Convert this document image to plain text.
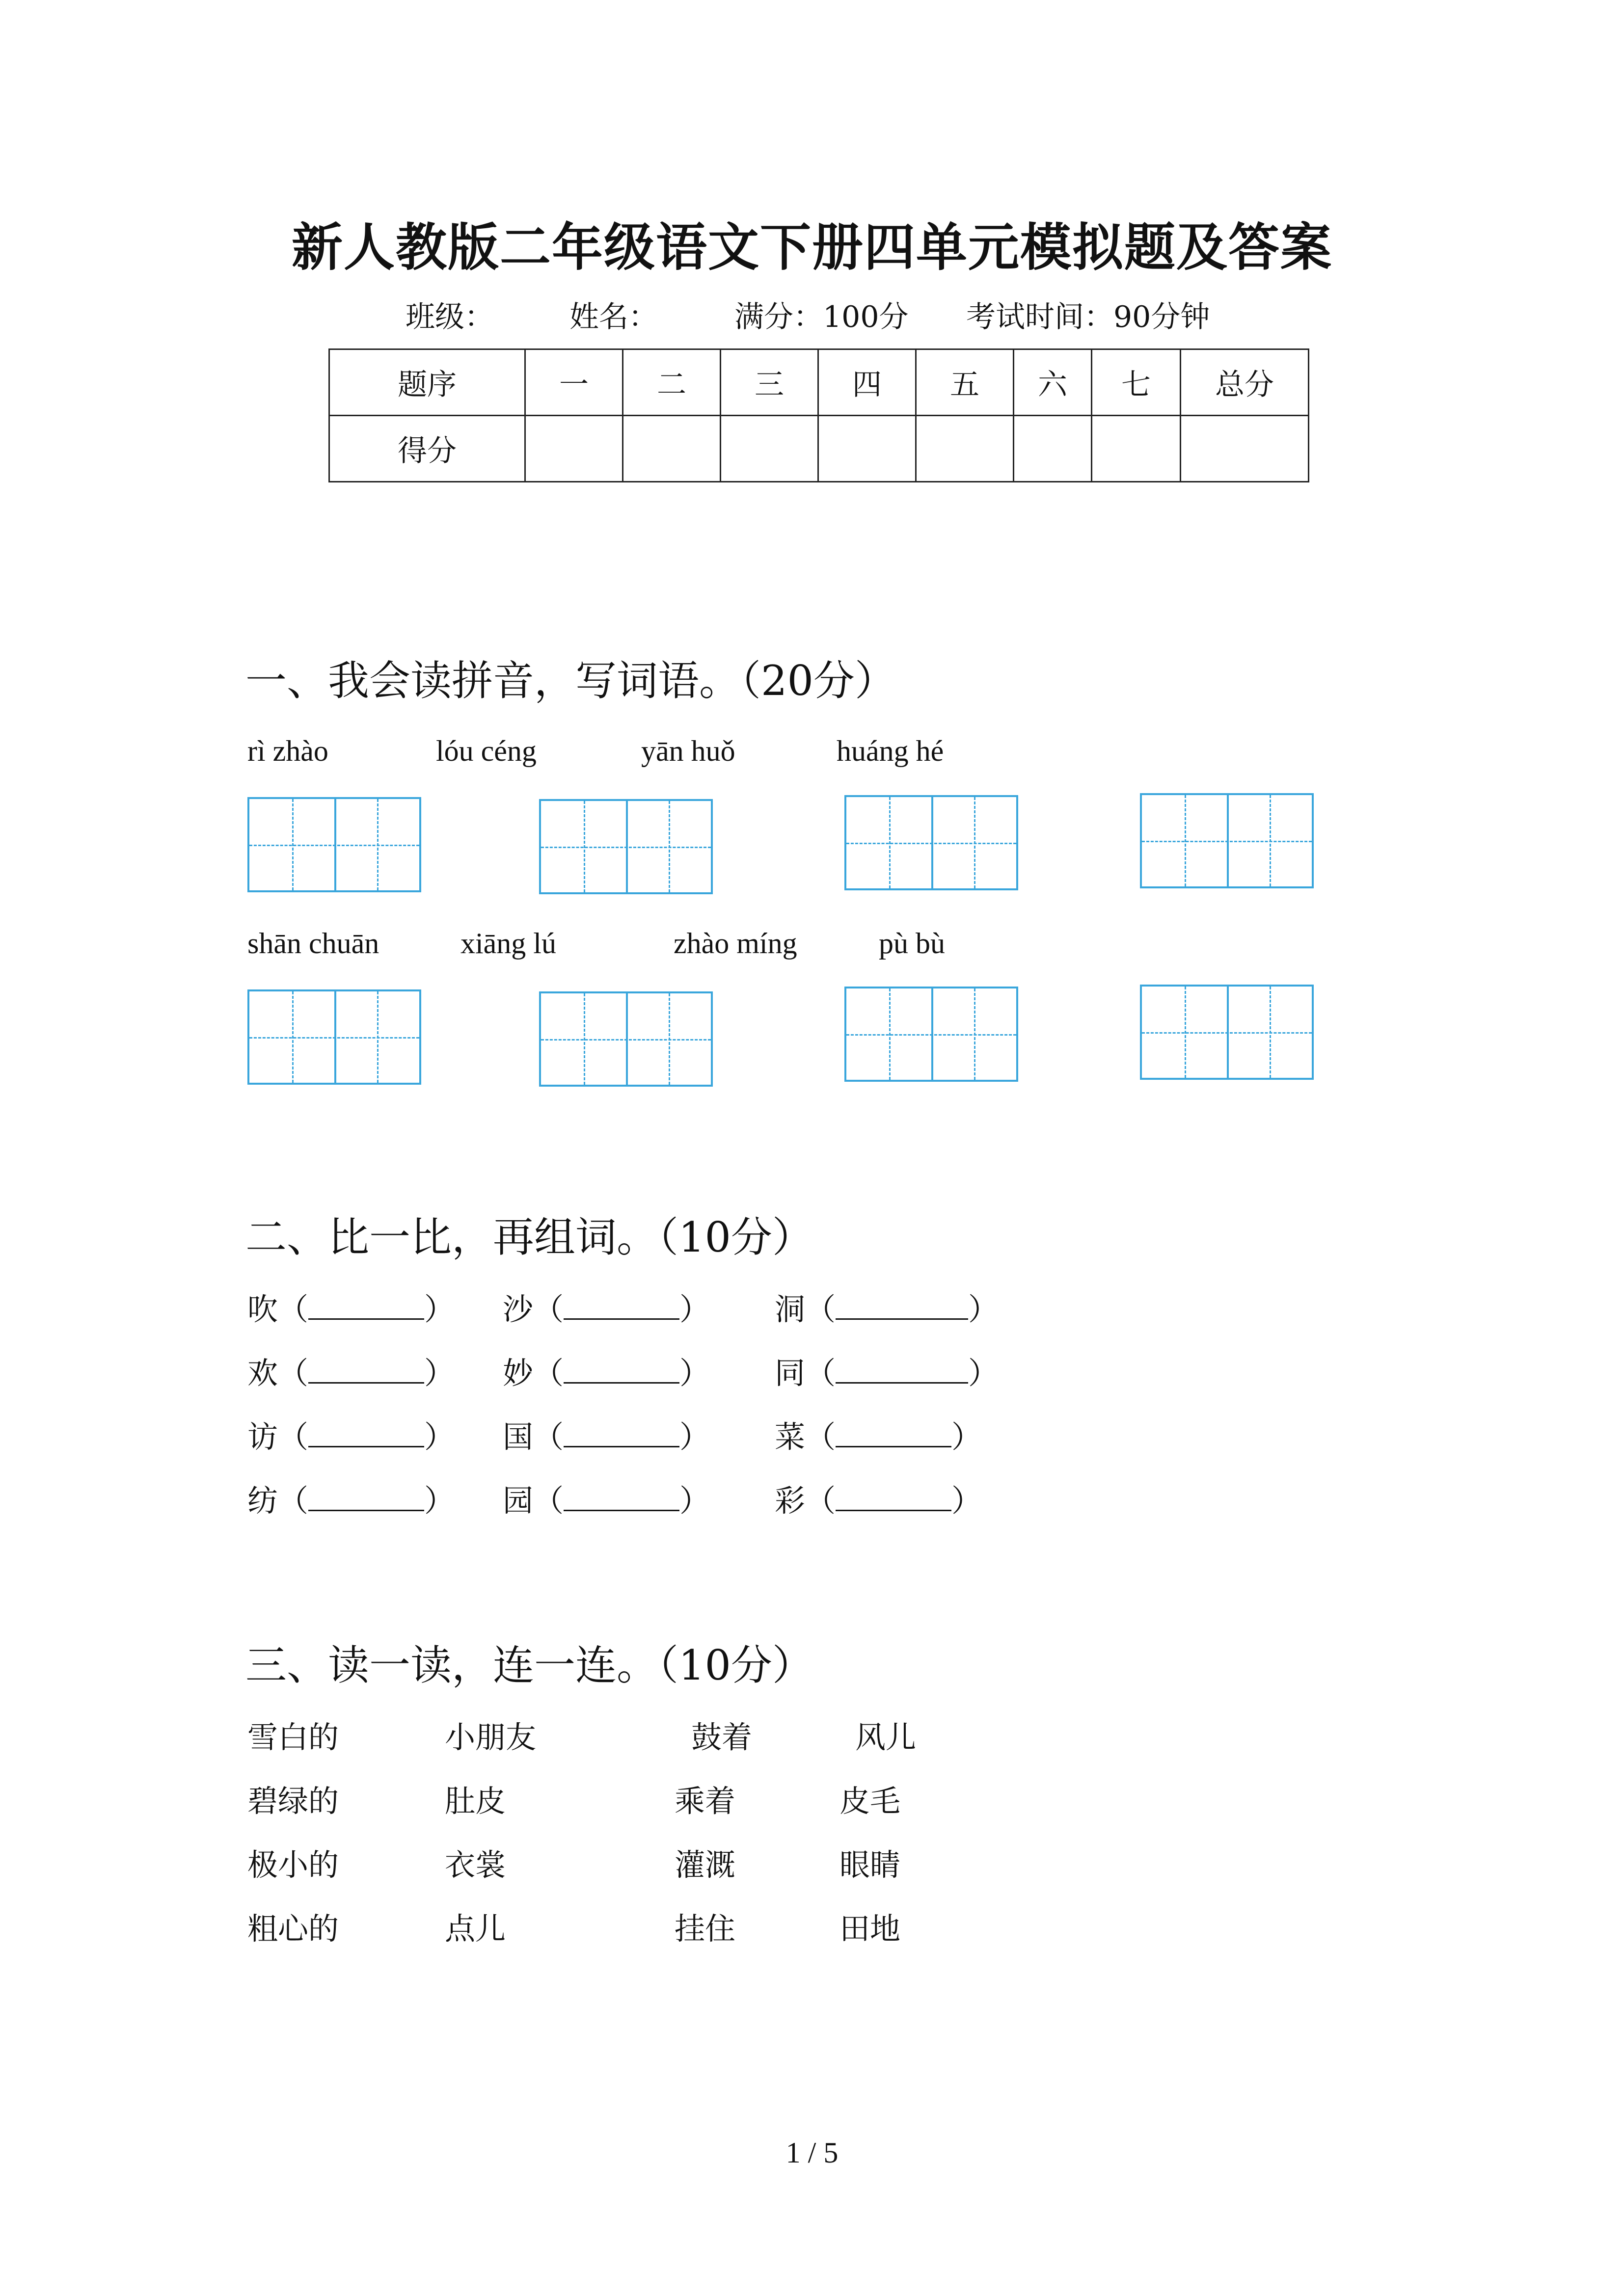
新人教版二年级语文下册四单元模拟题及答案
班级：	姓名：	满分：100分 考试时间：90分钟
题序	一	二	三	四	五	六	七	总分
得分								
一、我会读拼音，写词语。（20分）
rì zhào	lóu céng	yān huǒ	huáng hé
shān chuān	xiāng lú	zhào míng	pù bù
二、比一比，再组词。（10分）
吹（	） 沙（	） 洞（	）
欢（	） 妙（	） 同（	）
访（	） 国（	） 菜（	）
纺（	） 园（	） 彩（	）
三、读一读，连一连。（10分）
雪白的	小朋友	鼓着	风儿
碧绿的	肚皮	乘着	皮毛
极小的	衣裳	灌溉	眼睛
粗心的	点儿	挂住	田地
1 / 5
